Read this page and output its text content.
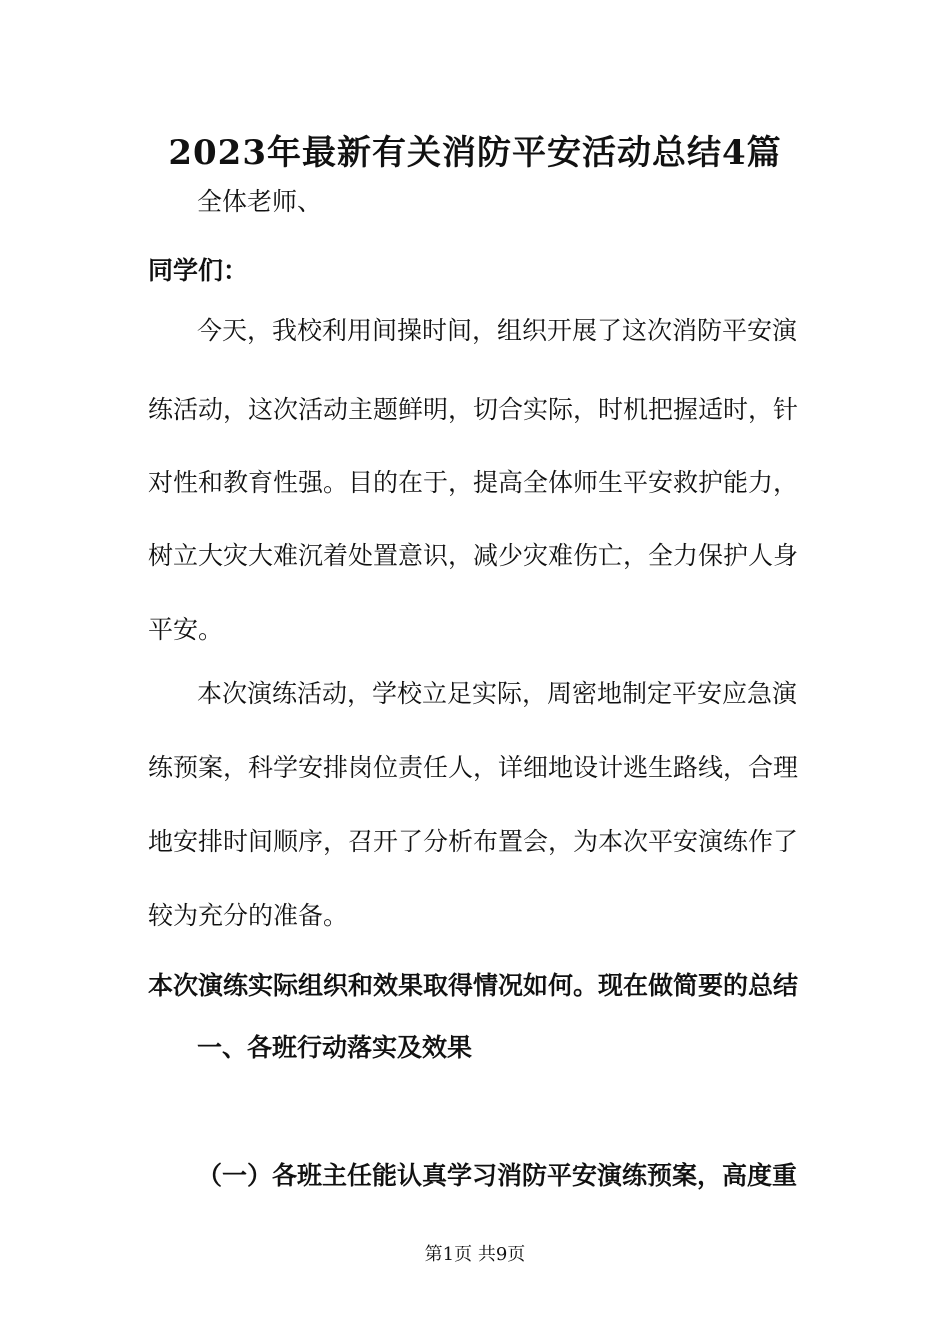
2023年最新有关消防平安活动总结4篇
全体老师、
同学们：
今天，我校利用间操时间，组织开展了这次消防平安演
练活动，这次活动主题鲜明，切合实际，时机把握适时，针
对性和教育性强。目的在于，提高全体师生平安救护能力，
树立大灾大难沉着处置意识，减少灾难伤亡，全力保护人身
平安。
本次演练活动，学校立足实际，周密地制定平安应急演
练预案，科学安排岗位责任人，详细地设计逃生路线，合理
地安排时间顺序，召开了分析布置会，为本次平安演练作了
较为充分的准备。
本次演练实际组织和效果取得情况如何。现在做简要的总结
一、各班行动落实及效果
（一）各班主任能认真学习消防平安演练预案，高度重
第1页 共9页
